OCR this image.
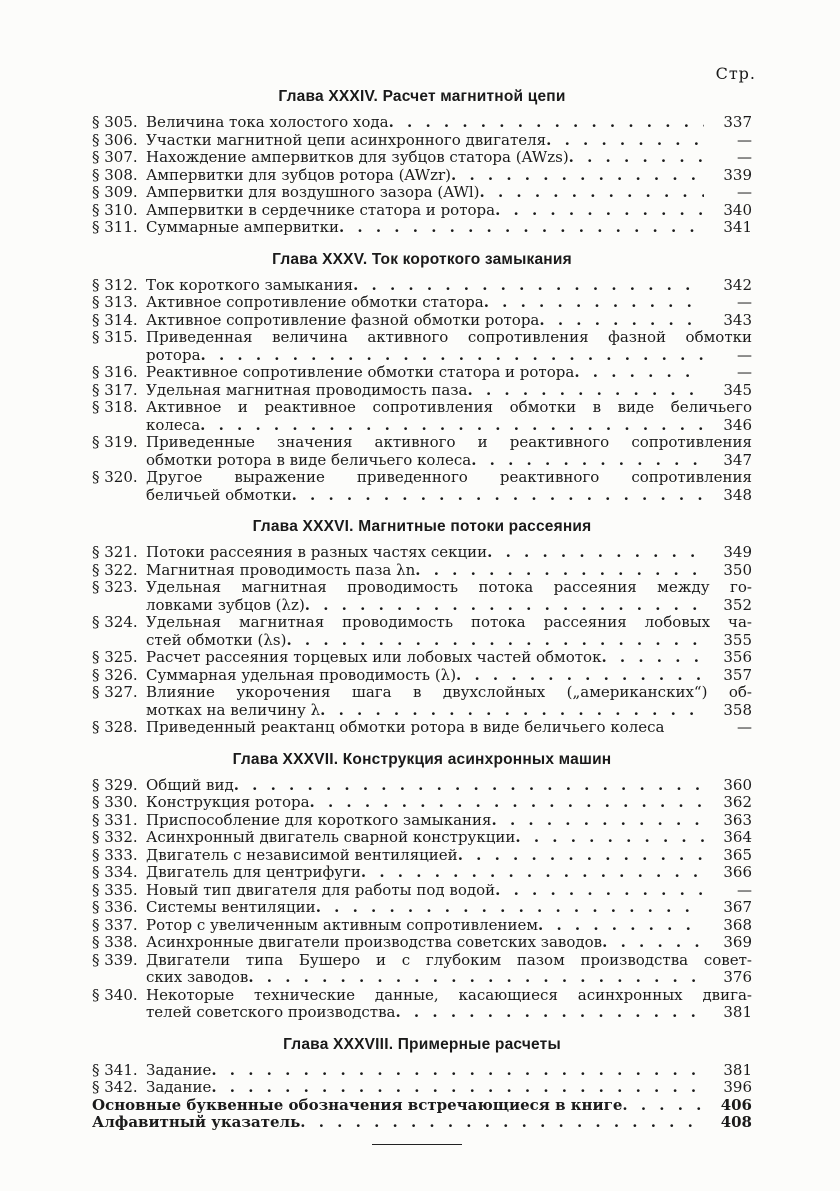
Стр.
Глава XXXIV. Расчет магнитной цепи
§ 305. Величина тока холостого хода . . .	337
§ 306. Участки магнитной цепи асинхронного двигателя . . .	—
§ 307. Нахождение ампервитков для зубцов статора (AWzs) . . .	—
§ 308. Ампервитки для зубцов ротора (AWzr) . . .	339
§ 309. Ампервитки для воздушного зазора (AWl) . . .	—
§ 310. Ампервитки в сердечнике статора и ротора . . .	340
§ 311. Суммарные ампервитки . . .	341
Глава XXXV. Ток короткого замыкания
§ 312. Ток короткого замыкания . . .	342
§ 313. Активное сопротивление обмотки статора . . .	—
§ 314. Активное сопротивление фазной обмотки ротора . . .	343
§ 315. Приведенная величина активного сопротивления фазной обмотки
ротора . . .	—
§ 316. Реактивное сопротивление обмотки статора и ротора . . .	—
§ 317. Удельная магнитная проводимость паза . . .	345
§ 318. Активное и реактивное сопротивления обмотки в виде беличьего
колеса . . .	346
§ 319. Приведенные значения активного и реактивного сопротивления
обмотки ротора в виде беличьего колеса . . .	347
§ 320. Другое выражение приведенного реактивного сопротивления
беличьей обмотки . . .	348
Глава XXXVI. Магнитные потоки рассеяния
§ 321. Потоки рассеяния в разных частях секции . . .	349
§ 322. Магнитная проводимость паза λn . . .	350
§ 323. Удельная магнитная проводимость потока рассеяния между го-
ловками зубцов (λz) . . .	352
§ 324. Удельная магнитная проводимость потока рассеяния лобовых ча-
стей обмотки (λs) . . .	355
§ 325. Расчет рассеяния торцевых или лобовых частей обмоток . . .	356
§ 326. Суммарная удельная проводимость (λ) . . .	357
§ 327. Влияние укорочения шага в двухслойных („американских“) об-
мотках на величину λ . . .	358
§ 328. Приведенный реактанц обмотки ротора в виде беличьего колеса	—
Глава XXXVII. Конструкция асинхронных машин
§ 329. Общий вид . . .	360
§ 330. Конструкция ротора . . .	362
§ 331. Приспособление для короткого замыкания . . .	363
§ 332. Асинхронный двигатель сварной конструкции . . .	364
§ 333. Двигатель с независимой вентиляцией . . .	365
§ 334. Двигатель для центрифуги . . .	366
§ 335. Новый тип двигателя для работы под водой . . .	—
§ 336. Системы вентиляции . . .	367
§ 337. Ротор с увеличенным активным сопротивлением . . .	368
§ 338. Асинхронные двигатели производства советских заводов . . .	369
§ 339. Двигатели типа Бушеро и с глубоким пазом производства совет-
ских заводов . . .	376
§ 340. Некоторые технические данные, касающиеся асинхронных двига-
телей советского производства . . .	381
Глава XXXVIII. Примерные расчеты
§ 341. Задание . . .	381
§ 342. Задание . . .	396
Основные буквенные обозначения встречающиеся в книге . . .	406
Алфавитный указатель . . .	408
